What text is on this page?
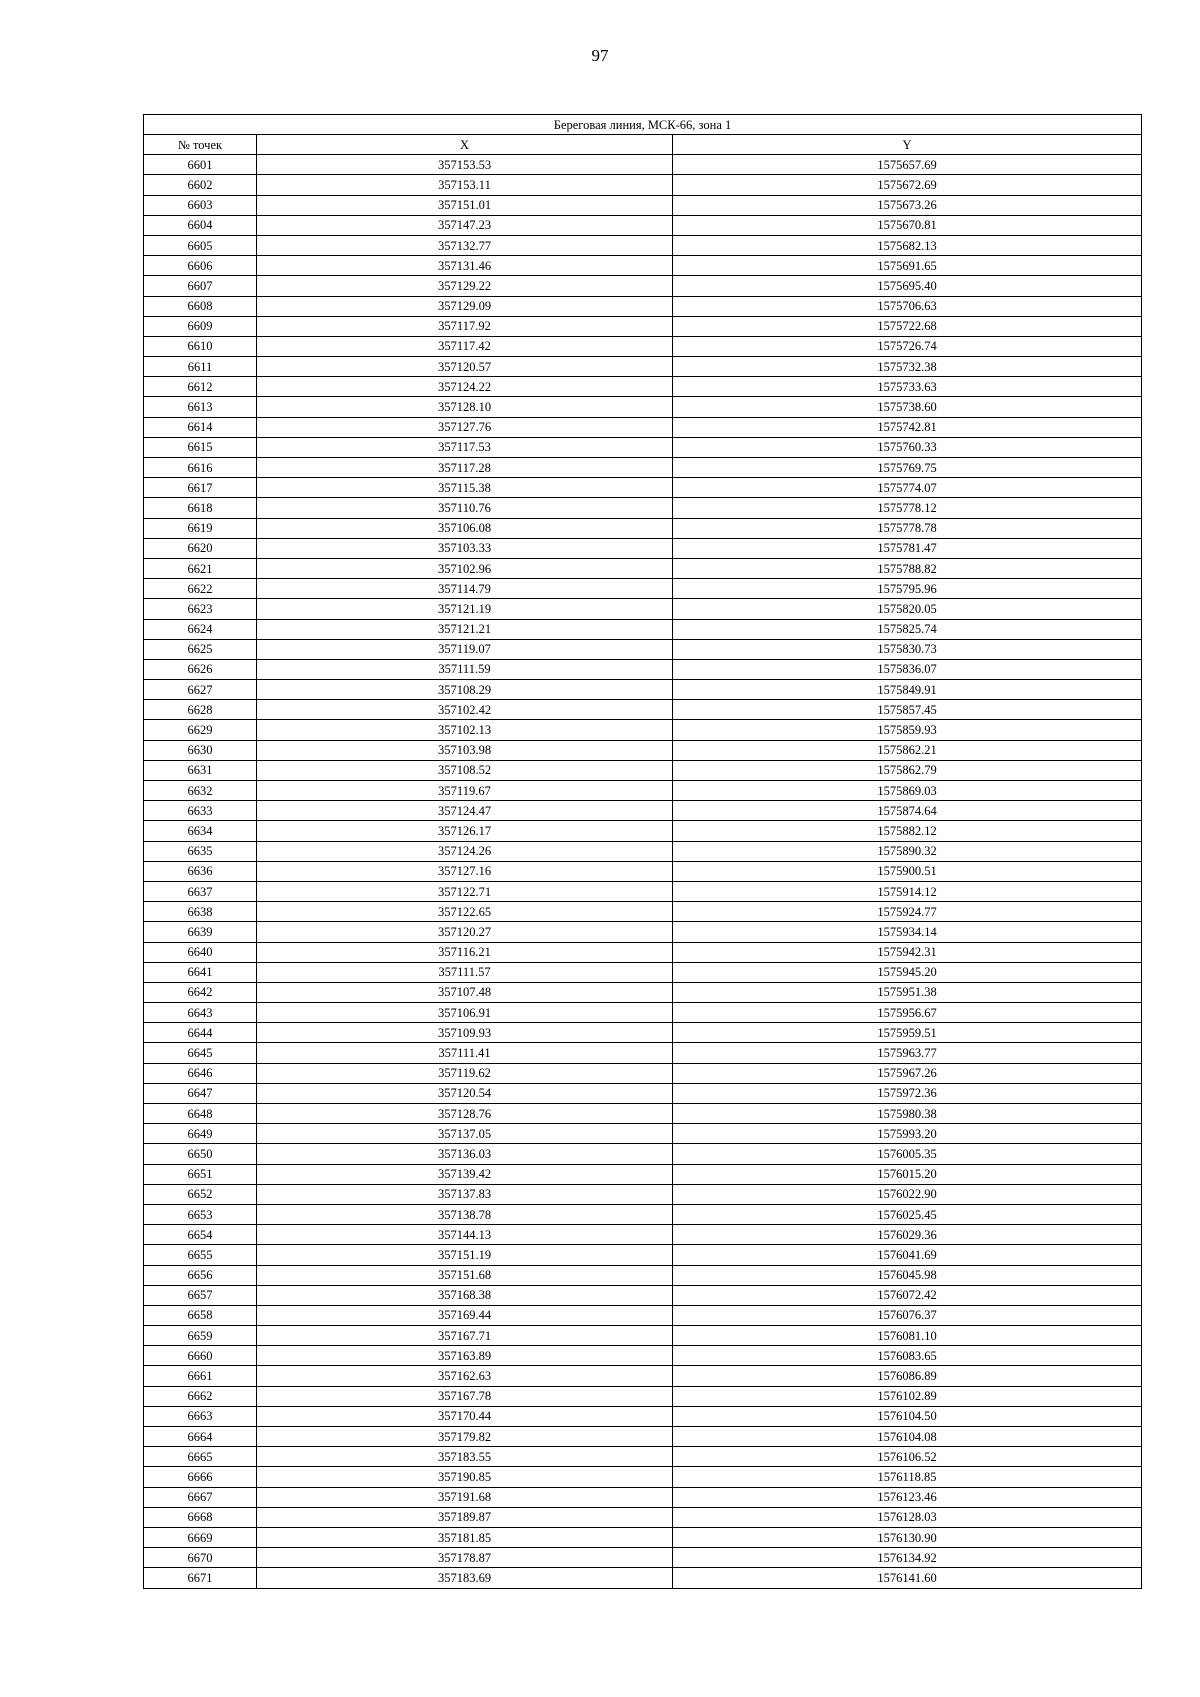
97
Береговая линия, МСК-66, зона 1		
№ точек	X	Y
6601	357153.53	1575657.69
6602	357153.11	1575672.69
6603	357151.01	1575673.26
6604	357147.23	1575670.81
6605	357132.77	1575682.13
6606	357131.46	1575691.65
6607	357129.22	1575695.40
6608	357129.09	1575706.63
6609	357117.92	1575722.68
6610	357117.42	1575726.74
6611	357120.57	1575732.38
6612	357124.22	1575733.63
6613	357128.10	1575738.60
6614	357127.76	1575742.81
6615	357117.53	1575760.33
6616	357117.28	1575769.75
6617	357115.38	1575774.07
6618	357110.76	1575778.12
6619	357106.08	1575778.78
6620	357103.33	1575781.47
6621	357102.96	1575788.82
6622	357114.79	1575795.96
6623	357121.19	1575820.05
6624	357121.21	1575825.74
6625	357119.07	1575830.73
6626	357111.59	1575836.07
6627	357108.29	1575849.91
6628	357102.42	1575857.45
6629	357102.13	1575859.93
6630	357103.98	1575862.21
6631	357108.52	1575862.79
6632	357119.67	1575869.03
6633	357124.47	1575874.64
6634	357126.17	1575882.12
6635	357124.26	1575890.32
6636	357127.16	1575900.51
6637	357122.71	1575914.12
6638	357122.65	1575924.77
6639	357120.27	1575934.14
6640	357116.21	1575942.31
6641	357111.57	1575945.20
6642	357107.48	1575951.38
6643	357106.91	1575956.67
6644	357109.93	1575959.51
6645	357111.41	1575963.77
6646	357119.62	1575967.26
6647	357120.54	1575972.36
6648	357128.76	1575980.38
6649	357137.05	1575993.20
6650	357136.03	1576005.35
6651	357139.42	1576015.20
6652	357137.83	1576022.90
6653	357138.78	1576025.45
6654	357144.13	1576029.36
6655	357151.19	1576041.69
6656	357151.68	1576045.98
6657	357168.38	1576072.42
6658	357169.44	1576076.37
6659	357167.71	1576081.10
6660	357163.89	1576083.65
6661	357162.63	1576086.89
6662	357167.78	1576102.89
6663	357170.44	1576104.50
6664	357179.82	1576104.08
6665	357183.55	1576106.52
6666	357190.85	1576118.85
6667	357191.68	1576123.46
6668	357189.87	1576128.03
6669	357181.85	1576130.90
6670	357178.87	1576134.92
6671	357183.69	1576141.60
